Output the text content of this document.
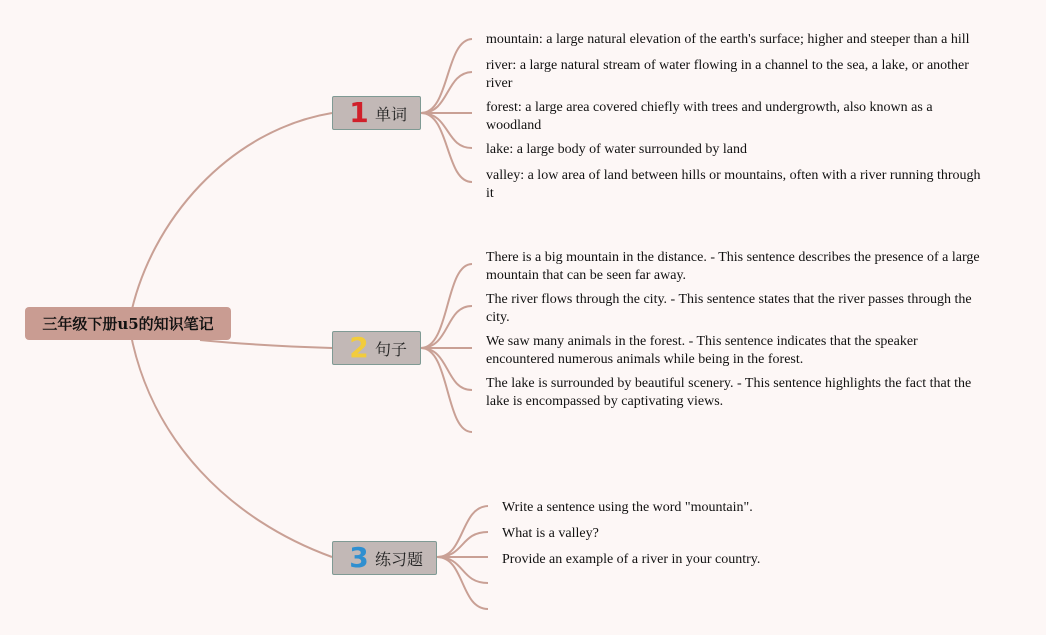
三年级下册u5的知识笔记
1 单词
mountain: a large natural elevation of the earth's surface; higher and steeper than a hill
river: a large natural stream of water flowing in a channel to the sea, a lake, or another river
forest: a large area covered chiefly with trees and undergrowth, also known as a woodland
lake: a large body of water surrounded by land
valley: a low area of land between hills or mountains, often with a river running through it
2 句子
There is a big mountain in the distance. - This sentence describes the presence of a large mountain that can be seen far away.
The river flows through the city. - This sentence states that the river passes through the city.
We saw many animals in the forest. - This sentence indicates that the speaker encountered numerous animals while being in the forest.
The lake is surrounded by beautiful scenery. - This sentence highlights the fact that the lake is encompassed by captivating views.
3 练习题
Write a sentence using the word "mountain".
What is a valley?
Provide an example of a river in your country.
